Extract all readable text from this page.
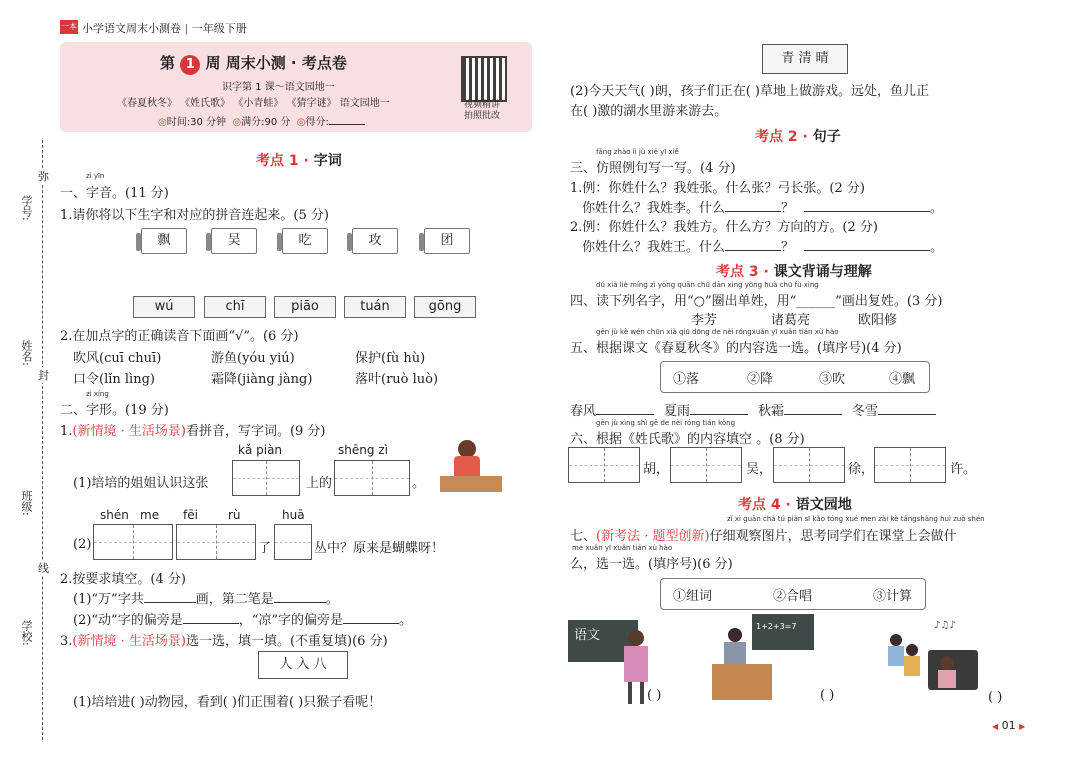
一本 小学语文周末小测卷 | 一年级下册
学号:
弥
姓名:
封
班级:
线
学校:
第 1 周 周末小测 · 考点卷
识字第 1 课～语文园地一
《春夏秋冬》 《姓氏歌》 《小青蛙》 《猜字谜》 语文园地一
◎时间:30 分钟 ◎满分:90 分 ◎得分:
视频精讲
拍照批改
考点 1 · 字词
zì yīn
一、字音。(11 分)
1.请你将以下生字和对应的拼音连起来。(5 分)
飘	吴	吃	攻	团
wú	chī	piāo	tuán	gōng
2.在加点字的正确读音下面画“√”。(6 分)
吹风(cuī chuī)	游鱼(yóu yiú)	保护(fù hù)
口令(lǐn lìng)	霜降(jiàng jàng)	落叶(ruò luò)
zì xíng
二、字形。(19 分)
1.(新情境 · 生活场景)看拼音，写字词。(9 分)
kǎ piàn	shēng zì
(1)培培的姐姐认识这张	上的	。
shén me fēi	rù	huā
(2)	了	丛中？原来是蝴蝶呀！
2.按要求填空。(4 分)
(1)“万”字共	画，第二笔是	。
(2)“动”字的偏旁是	，“凉”字的偏旁是	。
3.(新情境 · 生活场景)选一选，填一填。(不重复填)(6 分)
人 入 八
(1)培培进( )动物园，看到( )们正围着( )只猴子看呢！
青 清 晴
(2)今天天气( )朗，孩子们正在( )草地上做游戏。远处，鱼儿正
在( )激的湖水里游来游去。
考点 2 · 句子
fǎng zhào lì jù xiě yī xiě
三、仿照例句写一写。(4 分)
1.例：你姓什么？我姓张。什么张？弓长张。(2 分)
你姓什么？我姓李。什么	？	。
2.例：你姓什么？我姓方。什么方？方向的方。(2 分)
你姓什么？我姓王。什么	？	。
考点 3 · 课文背诵与理解
dú xià liè míng zì yòng quān chū dān xìng yòng huà chū fù xìng
四、读下列名字，用“○”圈出单姓，用“______”画出复姓。(3 分)
李芳	诸葛亮	欧阳修
gēn jù kè wén chūn xià qiū dōng de nèi róngxuǎn yī xuǎn tián xù hào
五、根据课文《春夏秋冬》的内容选一选。(填序号)(4 分)
①落	②降	③吹	④飘
春风	夏雨	秋霜	冬雪
gēn jù xìng shì gē de nèi róng tián kòng
六、根据《姓氏歌》的内容填空 。(8 分)
胡，	吴，	徐，	许。
考点 4 · 语文园地
zǐ xì guān chá tú piàn sī kǎo tóng xué men zài kè tángshàng huì zuò shén
七、(新考法 · 题型创新)仔细观察图片，思考同学们在课堂上会做什
me xuǎn yī xuǎn tián xù hào
么，选一选。(填序号)(6 分)
①组词	②合唱	③计算
语文
( )
1+2+3=7
( )
♪♫♪
( )
◀ 01 ▶
